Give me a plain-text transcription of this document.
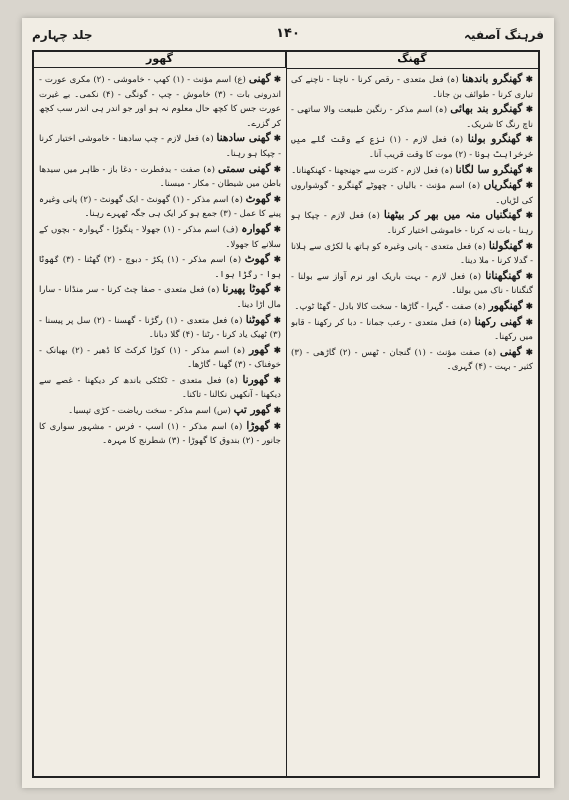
جلد چہارم	۱۴۰	فرہنگ آصفیہ
گھور	گھنگ

✱ گھنی (ع) اسم مؤنث - (۱) کھپ - خاموشی - (۲) مکری عورت - اندرونی بات - (۳) خاموش - چپ - گونگی - (۴) نکمی۔ بے غیرت عورت جس کا کچھ حال معلوم نہ ہو اور جو اندر ہی اندر سب کچھ کر گزرے۔

✱ گھنی سادھنا (ہ) فعل لازم - چپ سادھنا - خاموشی اختیار کرنا - چپکا ہو رہنا۔

✱ گھنی سمتی (ہ) صفت - بدفطرت - دغا باز - ظاہر میں سیدھا باطن میں شیطان - مکار - میسنا۔

✱ گھوٹ (ہ) اسم مذکر - (۱) گھونٹ - ایک گھونٹ - (۲) پانی وغیرہ پینے کا عمل - (۳) جمع ہو کر ایک ہی جگہ ٹھہرے رہنا۔

✱ گھوارہ (ف) اسم مذکر - (۱) جھولا - پنگوڑا - گہوارہ - بچوں کے سلانے کا جھولا۔

✱ گھوٹ (ہ) اسم مذکر - (۱) پکڑ - دبوچ - (۲) گھٹنا - (۳) گھوٹا ہوا - رگڑا ہوا۔

✱ گھوٹا پھیرنا (ہ) فعل متعدی - صفا چٹ کرنا - سر منڈانا - سارا مال اڑا دینا۔

✱ گھوٹنا (ہ) فعل متعدی - (۱) رگڑنا - گھسنا - (۲) سل پر پیسنا - (۳) ٹھیک یاد کرنا - رٹنا - (۴) گلا دبانا۔

✱ گھور (ہ) اسم مذکر - (۱) کوڑا کرکٹ کا ڈھیر - (۲) بھیانک - خوفناک - (۳) گھنا - گاڑھا۔

✱ گھورنا (ہ) فعل متعدی - ٹکٹکی باندھ کر دیکھنا - غصے سے دیکھنا - آنکھیں نکالنا - تاکنا۔

✱ گھور تپ (س) اسم مذکر - سخت ریاضت - کڑی تپسیا۔

✱ گھوڑا (ہ) اسم مذکر - (۱) اسپ - فرس - مشہور سواری کا جانور - (۲) بندوق کا گھوڑا - (۳) شطرنج کا مہرہ۔

✱ گھنگرو باندھنا (ہ) فعل متعدی - رقص کرنا - ناچنا - ناچنے کی تیاری کرنا - طوائف بن جانا۔

✱ گھنگرو بند بھائی (ہ) اسم مذکر - رنگین طبیعت والا ساتھی - ناچ رنگ کا شریک۔

✱ گھنگرو بولنا (ہ) فعل لازم - (۱) نزع کے وقت گلے میں خرخراہٹ ہونا - (۲) موت کا وقت قریب آنا۔

✱ گھنگرو سا لگانا (ہ) فعل لازم - کثرت سے جھنجھنا - کھنکھنانا۔

✱ گھنگریاں (ہ) اسم مؤنث - بالیاں - چھوٹے گھنگرو - گوشواروں کی لڑیاں۔

✱ گھنگنیاں منہ میں بھر کر بیٹھنا (ہ) فعل لازم - چپکا ہو رہنا - بات نہ کرنا - خاموشی اختیار کرنا۔

✱ گھنگولنا (ہ) فعل متعدی - پانی وغیرہ کو ہاتھ یا لکڑی سے ہلانا - گدلا کرنا - ملا دینا۔

✱ گھنگھنانا (ہ) فعل لازم - بہت باریک اور نرم آواز سے بولنا - گنگنانا - ناک میں بولنا۔

✱ گھنگھور (ہ) صفت - گہرا - گاڑھا - سخت کالا بادل - گھٹا ٹوپ۔

✱ گھنی رکھنا (ہ) فعل متعدی - رعب جمانا - دبا کر رکھنا - قابو میں رکھنا۔

✱ گھنی (ہ) صفت مؤنث - (۱) گنجان - ٹھس - (۲) گاڑھی - (۳) کثیر - بہت - (۴) گہری۔
